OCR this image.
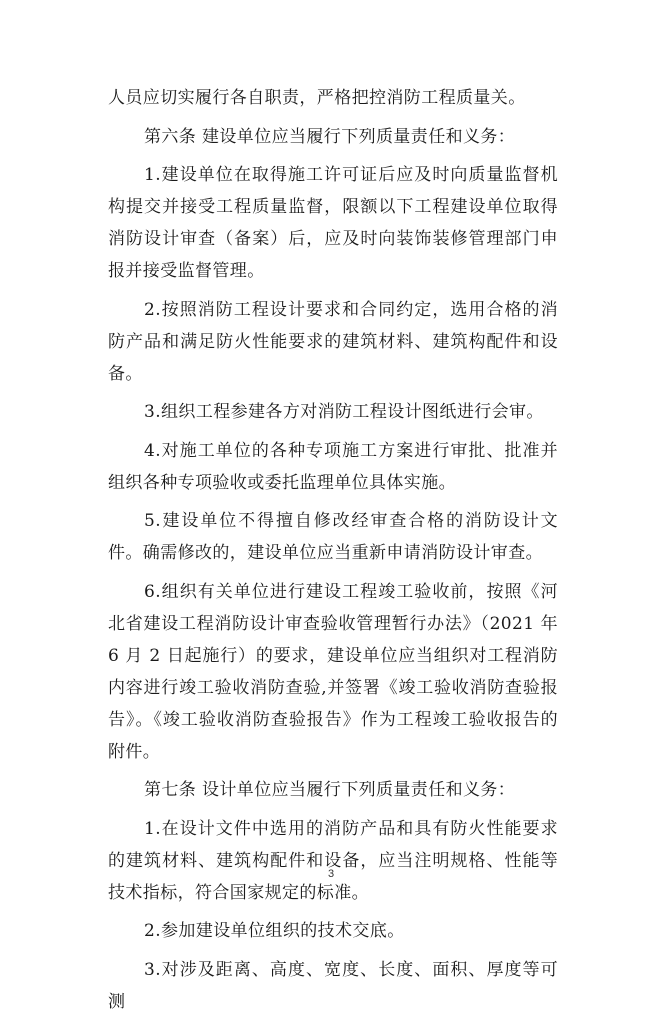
人员应切实履行各自职责，严格把控消防工程质量关。

第六条 建设单位应当履行下列质量责任和义务：

1.建设单位在取得施工许可证后应及时向质量监督机构提交并接受工程质量监督，限额以下工程建设单位取得消防设计审查（备案）后，应及时向装饰装修管理部门申报并接受监督管理。

2.按照消防工程设计要求和合同约定，选用合格的消防产品和满足防火性能要求的建筑材料、建筑构配件和设备。

3.组织工程参建各方对消防工程设计图纸进行会审。

4.对施工单位的各种专项施工方案进行审批、批准并组织各种专项验收或委托监理单位具体实施。

5.建设单位不得擅自修改经审查合格的消防设计文件。确需修改的，建设单位应当重新申请消防设计审查。

6.组织有关单位进行建设工程竣工验收前，按照《河北省建设工程消防设计审查验收管理暂行办法》（2021 年 6 月 2 日起施行）的要求，建设单位应当组织对工程消防内容进行竣工验收消防查验,并签署《竣工验收消防查验报告》。《竣工验收消防查验报告》作为工程竣工验收报告的附件。

第七条 设计单位应当履行下列质量责任和义务：

1.在设计文件中选用的消防产品和具有防火性能要求的建筑材料、建筑构配件和设备，应当注明规格、性能等技术指标，符合国家规定的标准。

2.参加建设单位组织的技术交底。

3.对涉及距离、高度、宽度、长度、面积、厚度等可测

3
